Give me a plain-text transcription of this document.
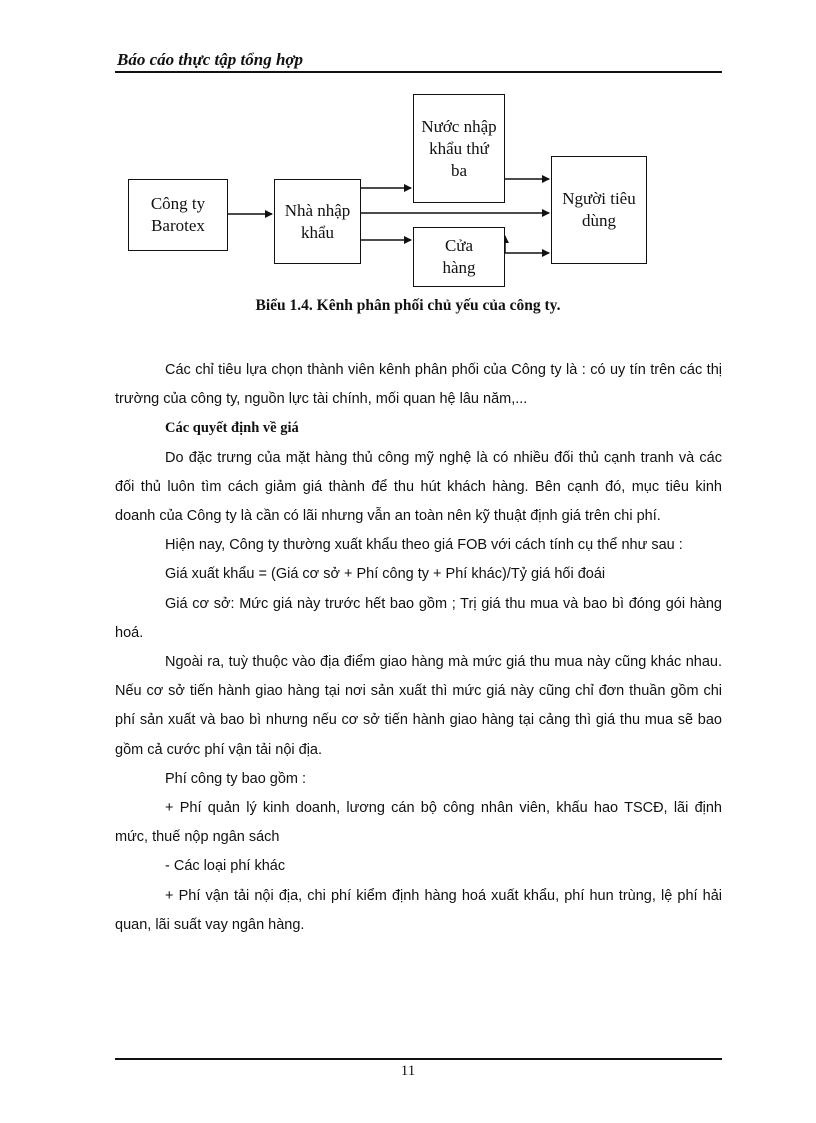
Báo cáo thực tập tổng hợp
Công ty Barotex
Nhà nhập khẩu
Nước nhập khẩu thứ ba
Cửa hàng
Người tiêu dùng
Biểu 1.4. Kênh phân phối chủ yếu của công ty.

Các chỉ tiêu lựa chọn thành viên kênh phân phối của Công ty là : có uy tín trên các thị trường của công ty, nguồn lực tài chính, mối quan hệ lâu năm,...

Các quyết định về giá

Do đặc trưng của mặt hàng thủ công mỹ nghệ là có nhiều đối thủ cạnh tranh và các đối thủ luôn tìm cách giảm giá thành để thu hút khách hàng. Bên cạnh đó, mục tiêu kinh doanh của Công ty là cần có lãi nhưng vẫn an toàn nên kỹ thuật định giá trên chi phí.

Hiện nay, Công ty thường xuất khẩu theo giá FOB với cách tính cụ thể như sau :

Giá xuất khẩu = (Giá cơ sở + Phí công ty + Phí khác)/Tỷ giá hối đoái

Giá cơ sở: Mức giá này trước hết bao gồm ; Trị giá thu mua và bao bì đóng gói hàng hoá.

Ngoài ra, tuỳ thuộc vào địa điểm giao hàng mà mức giá thu mua này cũng khác nhau. Nếu cơ sở tiến hành giao hàng tại nơi sản xuất thì mức giá này cũng chỉ đơn thuần gồm chi phí sản xuất và bao bì nhưng nếu cơ sở tiến hành giao hàng tại cảng thì giá thu mua sẽ bao gồm cả cước phí vận tải nội địa.

Phí công ty bao gồm :

+ Phí quản lý kinh doanh, lương cán bộ công nhân viên, khấu hao TSCĐ, lãi định mức, thuế nộp ngân sách

- Các loại phí khác

+ Phí vận tải nội địa, chi phí kiểm định hàng hoá xuất khẩu, phí hun trùng, lệ phí hải quan, lãi suất vay ngân hàng.

11
